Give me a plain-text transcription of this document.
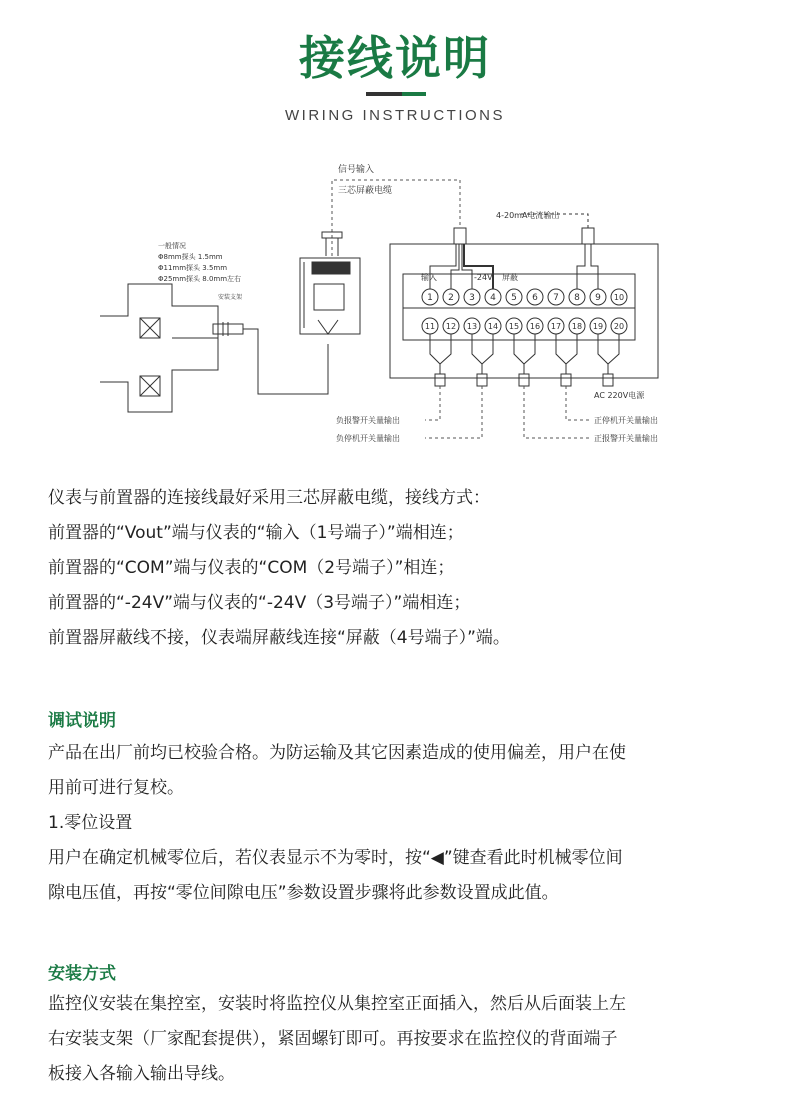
接线说明
WIRING INSTRUCTIONS
一般情况
Φ8mm探头 1.5mm
Φ11mm探头 3.5mm
Φ25mm探头 8.0mm左右
安装支架
信号输入
三芯屏蔽电缆
输入	-24V 屏蔽
1 2 3 4 5 6 7 8 9 10
11 12 13 14 15 16 17 18 19 20
4-20mA电流输出
AC 220V电源
负报警开关量输出
负停机开关量输出
正停机开关量输出
正报警开关量输出

仪表与前置器的连接线最好采用三芯屏蔽电缆，接线方式：

前置器的“Vout”端与仪表的“输入（1号端子）”端相连；

前置器的“COM”端与仪表的“COM（2号端子）”相连；

前置器的“-24V”端与仪表的“-24V（3号端子）”端相连；

前置器屏蔽线不接，仪表端屏蔽线连接“屏蔽（4号端子）”端。

调试说明

产品在出厂前均已校验合格。为防运输及其它因素造成的使用偏差，用户在使

用前可进行复校。

1.零位设置

用户在确定机械零位后，若仪表显示不为零时，按“◀”键查看此时机械零位间

隙电压值，再按“零位间隙电压”参数设置步骤将此参数设置成此值。

安装方式

监控仪安装在集控室，安装时将监控仪从集控室正面插入，然后从后面装上左

右安装支架（厂家配套提供），紧固螺钉即可。再按要求在监控仪的背面端子

板接入各输入输出导线。
